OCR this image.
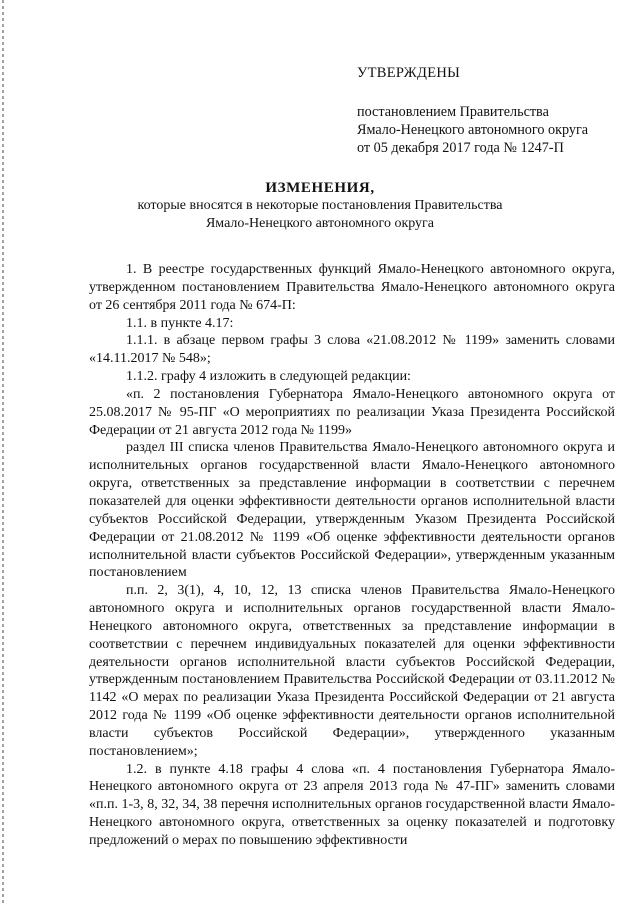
УТВЕРЖДЕНЫ
постановлением Правительства
Ямало-Ненецкого автономного округа
от 05 декабря 2017 года № 1247-П
ИЗМЕНЕНИЯ,
которые вносятся в некоторые постановления Правительства
Ямало-Ненецкого автономного округа

1. В реестре государственных функций Ямало-Ненецкого автономного округа, утвержденном постановлением Правительства Ямало-Ненецкого автономного округа от 26 сентября 2011 года № 674-П:

1.1. в пункте 4.17:

1.1.1. в абзаце первом графы 3 слова «21.08.2012 № 1199» заменить словами «14.11.2017 № 548»;

1.1.2. графу 4 изложить в следующей редакции:

«п. 2 постановления Губернатора Ямало-Ненецкого автономного округа от 25.08.2017 № 95-ПГ «О мероприятиях по реализации Указа Президента Российской Федерации от 21 августа 2012 года № 1199»

раздел III списка членов Правительства Ямало-Ненецкого автономного округа и исполнительных органов государственной власти Ямало-Ненецкого автономного округа, ответственных за представление информации в соответствии с перечнем показателей для оценки эффективности деятельности органов исполнительной власти субъектов Российской Федерации, утвержденным Указом Президента Российской Федерации от 21.08.2012 № 1199 «Об оценке эффективности деятельности органов исполнительной власти субъектов Российской Федерации», утвержденным указанным постановлением

п.п. 2, 3(1), 4, 10, 12, 13 списка членов Правительства Ямало-Ненецкого автономного округа и исполнительных органов государственной власти Ямало-Ненецкого автономного округа, ответственных за представление информации в соответствии с перечнем индивидуальных показателей для оценки эффективности деятельности органов исполнительной власти субъектов Российской Федерации, утвержденным постановлением Правительства Российской Федерации от 03.11.2012 № 1142 «О мерах по реализации Указа Президента Российской Федерации от 21 августа 2012 года № 1199 «Об оценке эффективности деятельности органов исполнительной власти субъектов Российской Федерации», утвержденного указанным постановлением»;

1.2. в пункте 4.18 графы 4 слова «п. 4 постановления Губернатора Ямало-Ненецкого автономного округа от 23 апреля 2013 года № 47-ПГ» заменить словами «п.п. 1-3, 8, 32, 34, 38 перечня исполнительных органов государственной власти Ямало-Ненецкого автономного округа, ответственных за оценку показателей и подготовку предложений о мерах по повышению эффективности
